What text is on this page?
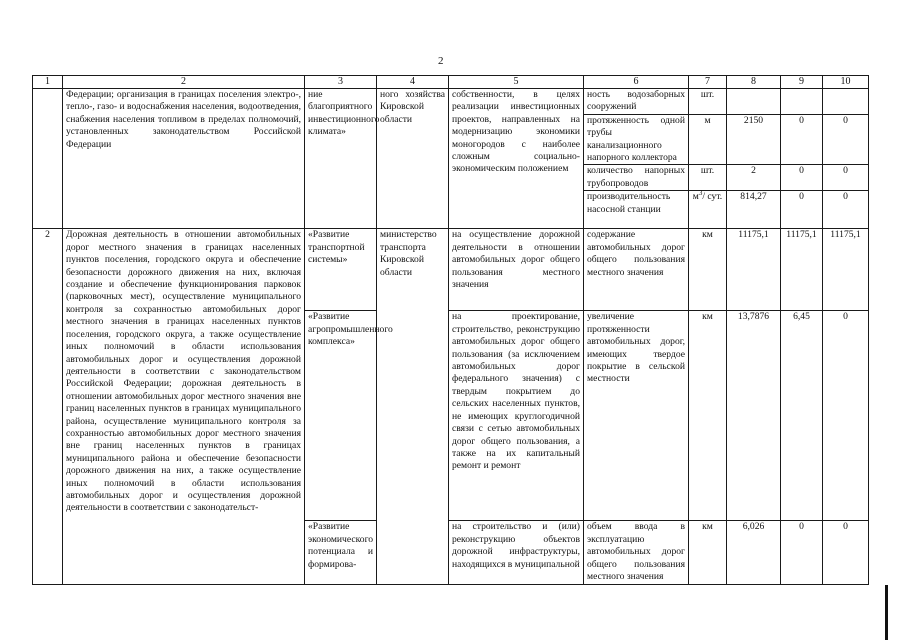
2
1	2	3	4	5	6	7	8	9	10
	Федерации; организация в границах поселения электро-, тепло-, газо- и водоснабжения населения, водоотведения, снабжения населения топливом в пределах полномочий, установленных законодательством Российской Федерации	ние благоприятного инвестиционного климата»	ного хозяйства Кировской области	собственности, в целях реализации инвестиционных проектов, направленных на модернизацию экономики моногородов с наиболее сложным социально-экономическим положением	ность водозаборных сооружений	шт.			
					протяженность одной трубы канализационного напорного коллектора	м	2150	0	0
					количество напорных трубопроводов	шт.	2	0	0
					производительность насосной станции	$м^3/$ сут.	814,27	0	0
2	Дорожная деятельность в отношении автомобильных дорог местного значения в границах населенных пунктов поселения, городского округа и обеспечение безопасности дорожного движения на них, включая создание и обеспечение функционирования парковок (парковочных мест), осуществление муниципального контроля за сохранностью автомобильных дорог местного значения в границах населенных пунктов поселения, городского округа, а также осуществление иных полномочий в области использования автомобильных дорог и осуществления дорожной деятельности в соответствии с законодательством Российской Федерации; дорожная деятельность в отношении автомобильных дорог местного значения вне границ населенных пунктов в границах муниципального района, осуществление муниципального контроля за сохранностью автомобильных дорог местного значения вне границ населенных пунктов в границах муниципального района и обеспечение безопасности дорожного движения на них, а также осуществление иных полномочий в области использования автомобильных дорог и осуществления дорожной деятельности в соответствии с законодательст-	«Развитие транспортной системы»	министерство транспорта Кировской области	на осуществление дорожной деятельности в отношении автомобильных дорог общего пользования местного значения	содержание автомобильных дорог общего пользования местного значения	км	11175,1	11175,1	11175,1
		«Развитие агропромышленного комплекса»		на проектирование, строительство, реконструкцию автомобильных дорог общего пользования (за исключением автомобильных дорог федерального значения) с твердым покрытием до сельских населенных пунктов, не имеющих круглогодичной связи с сетью автомобильных дорог общего пользования, а также на их капитальный ремонт и ремонт	увеличение протяженности автомобильных дорог, имеющих твердое покрытие в сельской местности	км	13,7876	6,45	0
		«Развитие экономического потенциала и формирова-		на строительство и (или) реконструкцию объектов дорожной инфраструктуры, находящихся в муниципальной	объем ввода в эксплуатацию автомобильных дорог общего пользования местного значения	км	6,026	0	0
